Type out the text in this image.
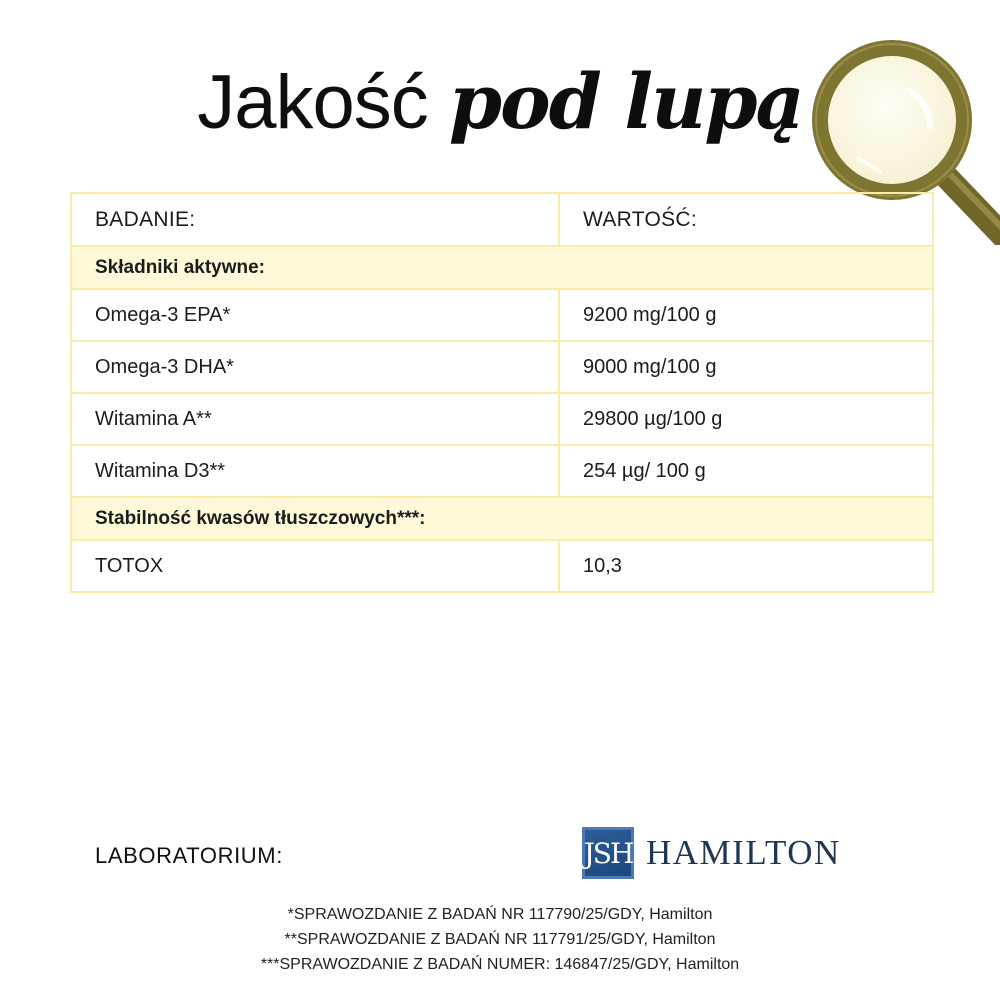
Jakość pod lupą
BADANIE:	WARTOŚĆ:
Składniki aktywne:	
Omega-3 EPA*	9200 mg/100 g
Omega-3 DHA*	9000 mg/100 g
Witamina A**	29800 µg/100 g
Witamina D3**	254 µg/ 100 g
Stabilność kwasów tłuszczowych***:	
TOTOX	10,3
LABORATORIUM:	JSH HAMILTON
*SPRAWOZDANIE Z BADAŃ NR 117790/25/GDY, Hamilton
**SPRAWOZDANIE Z BADAŃ NR 117791/25/GDY, Hamilton
***SPRAWOZDANIE Z BADAŃ NUMER: 146847/25/GDY, Hamilton
